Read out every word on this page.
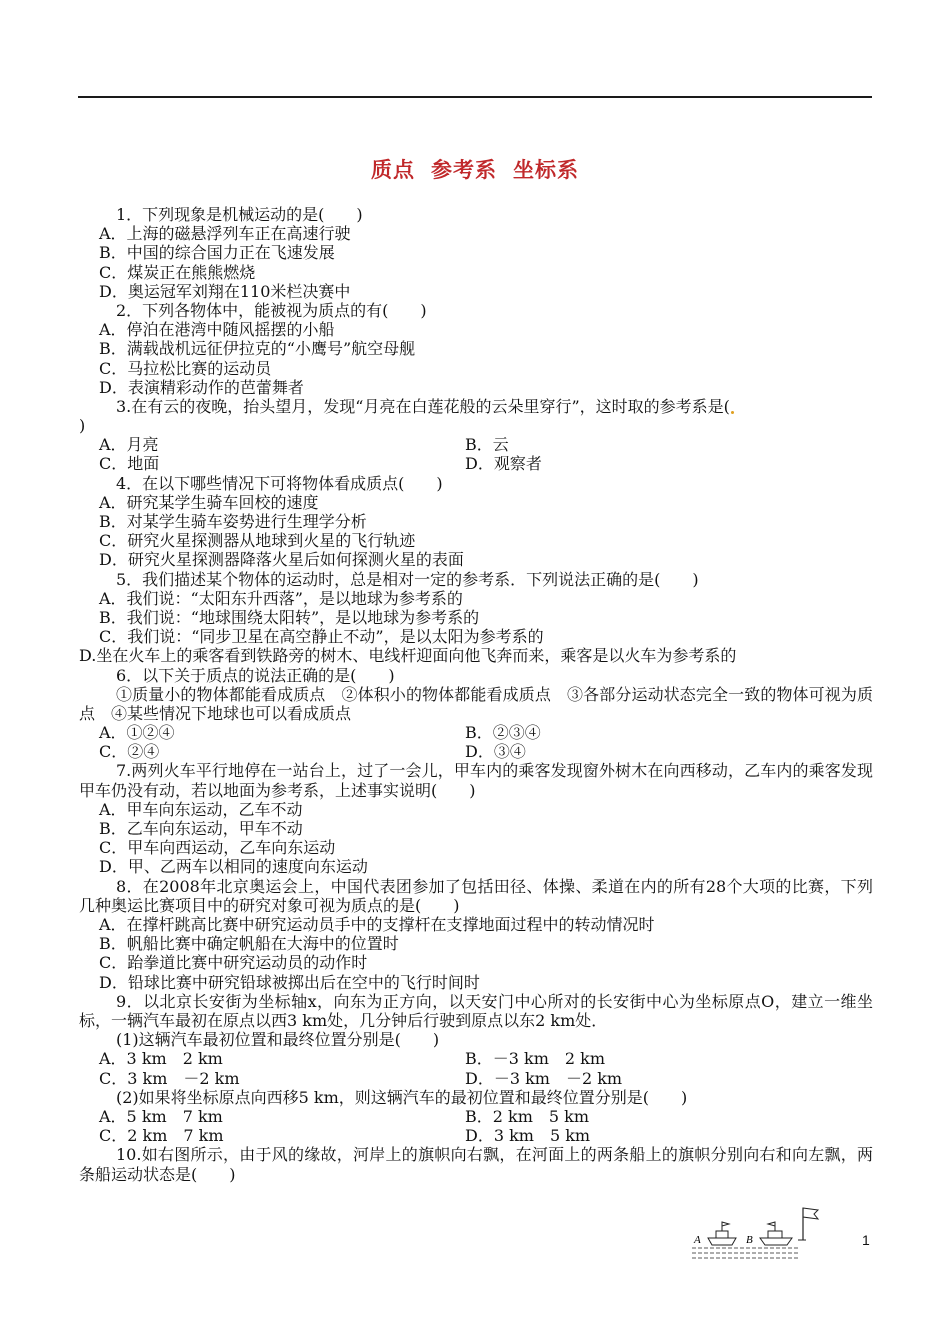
质点 参考系 坐标系
1．下列现象是机械运动的是(　　)
A．上海的磁悬浮列车正在高速行驶
B．中国的综合国力正在飞速发展
C．煤炭正在熊熊燃烧
D．奥运冠军刘翔在110米栏决赛中
2．下列各物体中，能被视为质点的有(　　)
A．停泊在港湾中随风摇摆的小船
B．满载战机远征伊拉克的“小鹰号”航空母舰
C．马拉松比赛的运动员
D．表演精彩动作的芭蕾舞者
3.在有云的夜晚，抬头望月，发现“月亮在白莲花般的云朵里穿行”，这时取的参考系是(
)
A．月亮	B．云
C．地面	D．观察者
4．在以下哪些情况下可将物体看成质点(　　)
A．研究某学生骑车回校的速度
B．对某学生骑车姿势进行生理学分析
C．研究火星探测器从地球到火星的飞行轨迹
D．研究火星探测器降落火星后如何探测火星的表面
5．我们描述某个物体的运动时，总是相对一定的参考系．下列说法正确的是(　　)
A．我们说：“太阳东升西落”，是以地球为参考系的
B．我们说：“地球围绕太阳转”，是以地球为参考系的
C．我们说：“同步卫星在高空静止不动”，是以太阳为参考系的
D.坐在火车上的乘客看到铁路旁的树木、电线杆迎面向他飞奔而来，乘客是以火车为参考系的
6．以下关于质点的说法正确的是(　　)
①质量小的物体都能看成质点　②体积小的物体都能看成质点　③各部分运动状态完全一致的物体可视为质点　④某些情况下地球也可以看成质点
A．①②④	B．②③④
C．②④	D．③④
7.两列火车平行地停在一站台上，过了一会儿，甲车内的乘客发现窗外树木在向西移动，乙车内的乘客发现甲车仍没有动，若以地面为参考系，上述事实说明(　　)
A．甲车向东运动，乙车不动
B．乙车向东运动，甲车不动
C．甲车向西运动，乙车向东运动
D．甲、乙两车以相同的速度向东运动
8．在2008年北京奥运会上，中国代表团参加了包括田径、体操、柔道在内的所有28个大项的比赛，下列几种奥运比赛项目中的研究对象可视为质点的是(　　)
A．在撑杆跳高比赛中研究运动员手中的支撑杆在支撑地面过程中的转动情况时
B．帆船比赛中确定帆船在大海中的位置时
C．跆拳道比赛中研究运动员的动作时
D．铅球比赛中研究铅球被掷出后在空中的飞行时间时
9．以北京长安街为坐标轴x，向东为正方向，以天安门中心所对的长安街中心为坐标原点O，建立一维坐标，一辆汽车最初在原点以西3 km处，几分钟后行驶到原点以东2 km处．
(1)这辆汽车最初位置和最终位置分别是(　　)
A．3 km　2 km	B．－3 km　2 km
C．3 km　－2 km	D．－3 km　－2 km
(2)如果将坐标原点向西移5 km，则这辆汽车的最初位置和最终位置分别是(　　)
A．5 km　7 km	B．2 km　5 km
C．2 km　7 km	D．3 km　5 km
10.如右图所示，由于风的缘故，河岸上的旗帜向右飘，在河面上的两条船上的旗帜分别向右和向左飘，两条船运动状态是(　　)
A	B	1
